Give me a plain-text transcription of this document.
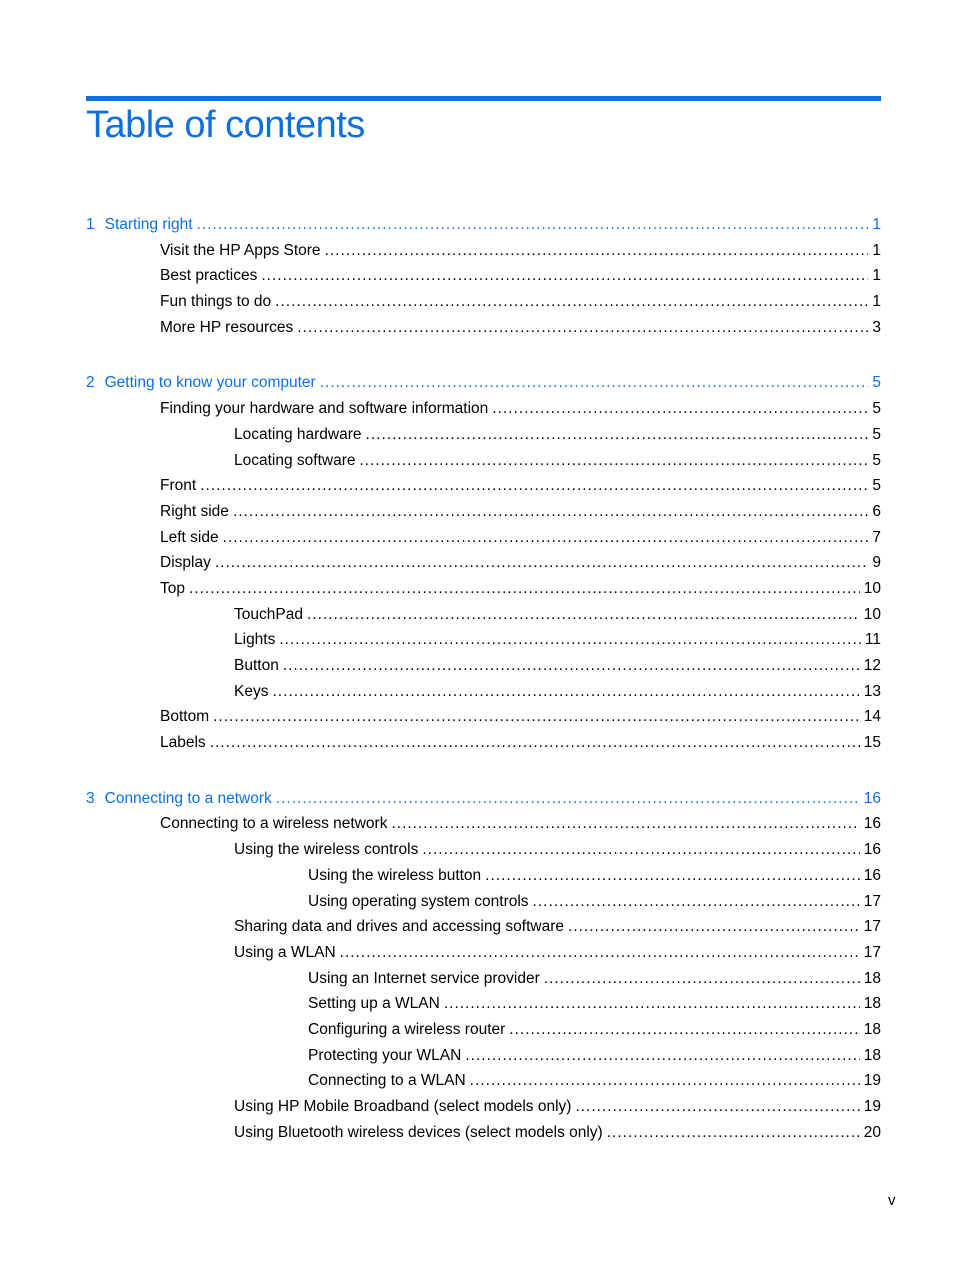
Table of contents
1 Starting right .....	1
Visit the HP Apps Store .....	1
Best practices .....	1
Fun things to do .....	1
More HP resources .....	3
2 Getting to know your computer .....	5
Finding your hardware and software information .....	5
Locating hardware .....	5
Locating software .....	5
Front .....	5
Right side .....	6
Left side .....	7
Display .....	9
Top .....	10
TouchPad .....	10
Lights .....	11
Button .....	12
Keys .....	13
Bottom .....	14
Labels .....	15
3 Connecting to a network .....	16
Connecting to a wireless network .....	16
Using the wireless controls .....	16
Using the wireless button .....	16
Using operating system controls .....	17
Sharing data and drives and accessing software .....	17
Using a WLAN .....	17
Using an Internet service provider .....	18
Setting up a WLAN .....	18
Configuring a wireless router .....	18
Protecting your WLAN .....	18
Connecting to a WLAN .....	19
Using HP Mobile Broadband (select models only) .....	19
Using Bluetooth wireless devices (select models only) .....	20
v
